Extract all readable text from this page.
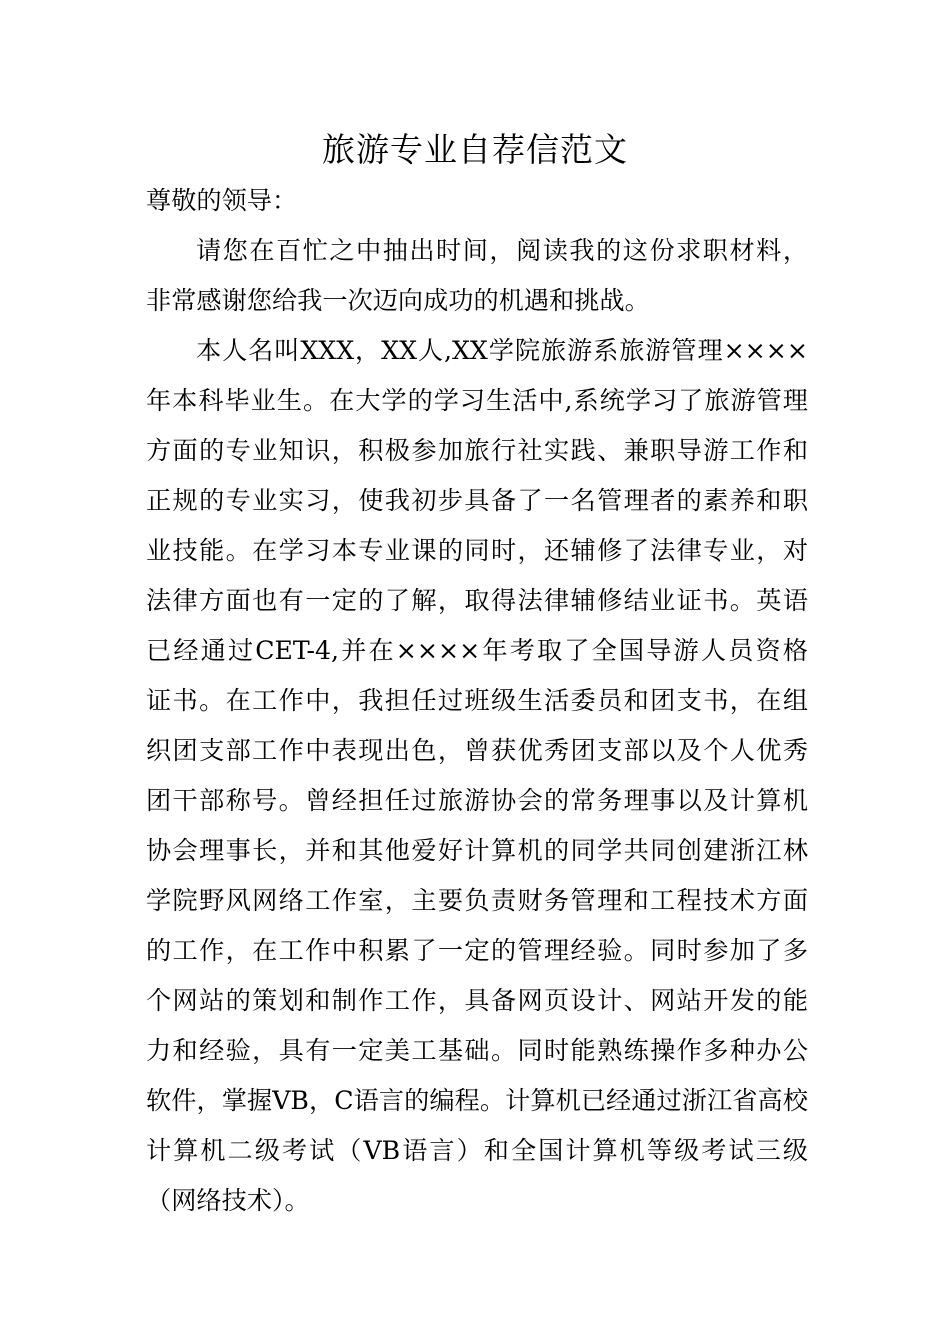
旅游专业自荐信范文

尊敬的领导：

请您在百忙之中抽出时间，阅读我的这份求职材料，
非常感谢您给我一次迈向成功的机遇和挑战。

本人名叫XXX，XX人,XX学院旅游系旅游管理××××
年本科毕业生。在大学的学习生活中,系统学习了旅游管理
方面的专业知识，积极参加旅行社实践、兼职导游工作和
正规的专业实习，使我初步具备了一名管理者的素养和职
业技能。在学习本专业课的同时，还辅修了法律专业，对
法律方面也有一定的了解，取得法律辅修结业证书。英语
已经通过CET-4,并在××××年考取了全国导游人员资格
证书。在工作中，我担任过班级生活委员和团支书，在组
织团支部工作中表现出色，曾获优秀团支部以及个人优秀
团干部称号。曾经担任过旅游协会的常务理事以及计算机
协会理事长，并和其他爱好计算机的同学共同创建浙江林
学院野风网络工作室，主要负责财务管理和工程技术方面
的工作，在工作中积累了一定的管理经验。同时参加了多
个网站的策划和制作工作，具备网页设计、网站开发的能
力和经验，具有一定美工基础。同时能熟练操作多种办公
软件，掌握VB，C语言的编程。计算机已经通过浙江省高校
计算机二级考试（VB语言）和全国计算机等级考试三级
（网络技术）。
